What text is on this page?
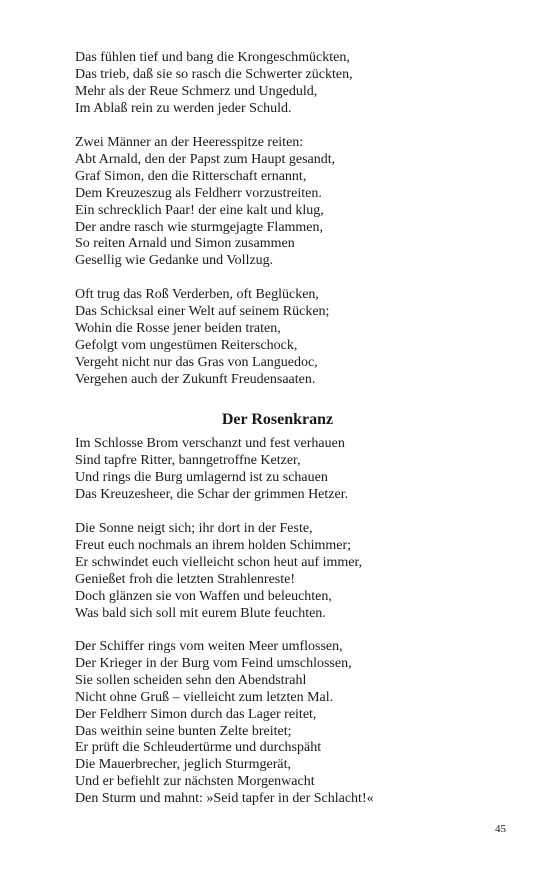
Das fühlen tief und bang die Krongeschmückten,
Das trieb, daß sie so rasch die Schwerter zückten,
Mehr als der Reue Schmerz und Ungeduld,
Im Ablaß rein zu werden jeder Schuld.
Zwei Männer an der Heeresspitze reiten:
Abt Arnald, den der Papst zum Haupt gesandt,
Graf Simon, den die Ritterschaft ernannt,
Dem Kreuzeszug als Feldherr vorzustreiten.
Ein schrecklich Paar! der eine kalt und klug,
Der andre rasch wie sturmgejagte Flammen,
So reiten Arnald und Simon zusammen
Gesellig wie Gedanke und Vollzug.
Oft trug das Roß Verderben, oft Beglücken,
Das Schicksal einer Welt auf seinem Rücken;
Wohin die Rosse jener beiden traten,
Gefolgt vom ungestümen Reiterschock,
Vergeht nicht nur das Gras von Languedoc,
Vergehen auch der Zukunft Freudensaaten.
Der Rosenkranz
Im Schlosse Brom verschanzt und fest verhauen
Sind tapfre Ritter, banngetroffne Ketzer,
Und rings die Burg umlagernd ist zu schauen
Das Kreuzesheer, die Schar der grimmen Hetzer.
Die Sonne neigt sich; ihr dort in der Feste,
Freut euch nochmals an ihrem holden Schimmer;
Er schwindet euch vielleicht schon heut auf immer,
Genießet froh die letzten Strahlenreste!
Doch glänzen sie von Waffen und beleuchten,
Was bald sich soll mit eurem Blute feuchten.
Der Schiffer rings vom weiten Meer umflossen,
Der Krieger in der Burg vom Feind umschlossen,
Sie sollen scheiden sehn den Abendstrahl
Nicht ohne Gruß – vielleicht zum letzten Mal.
Der Feldherr Simon durch das Lager reitet,
Das weithin seine bunten Zelte breitet;
Er prüft die Schleudertürme und durchspäht
Die Mauerbrecher, jeglich Sturmgerät,
Und er befiehlt zur nächsten Morgenwacht
Den Sturm und mahnt: »Seid tapfer in der Schlacht!«
45
